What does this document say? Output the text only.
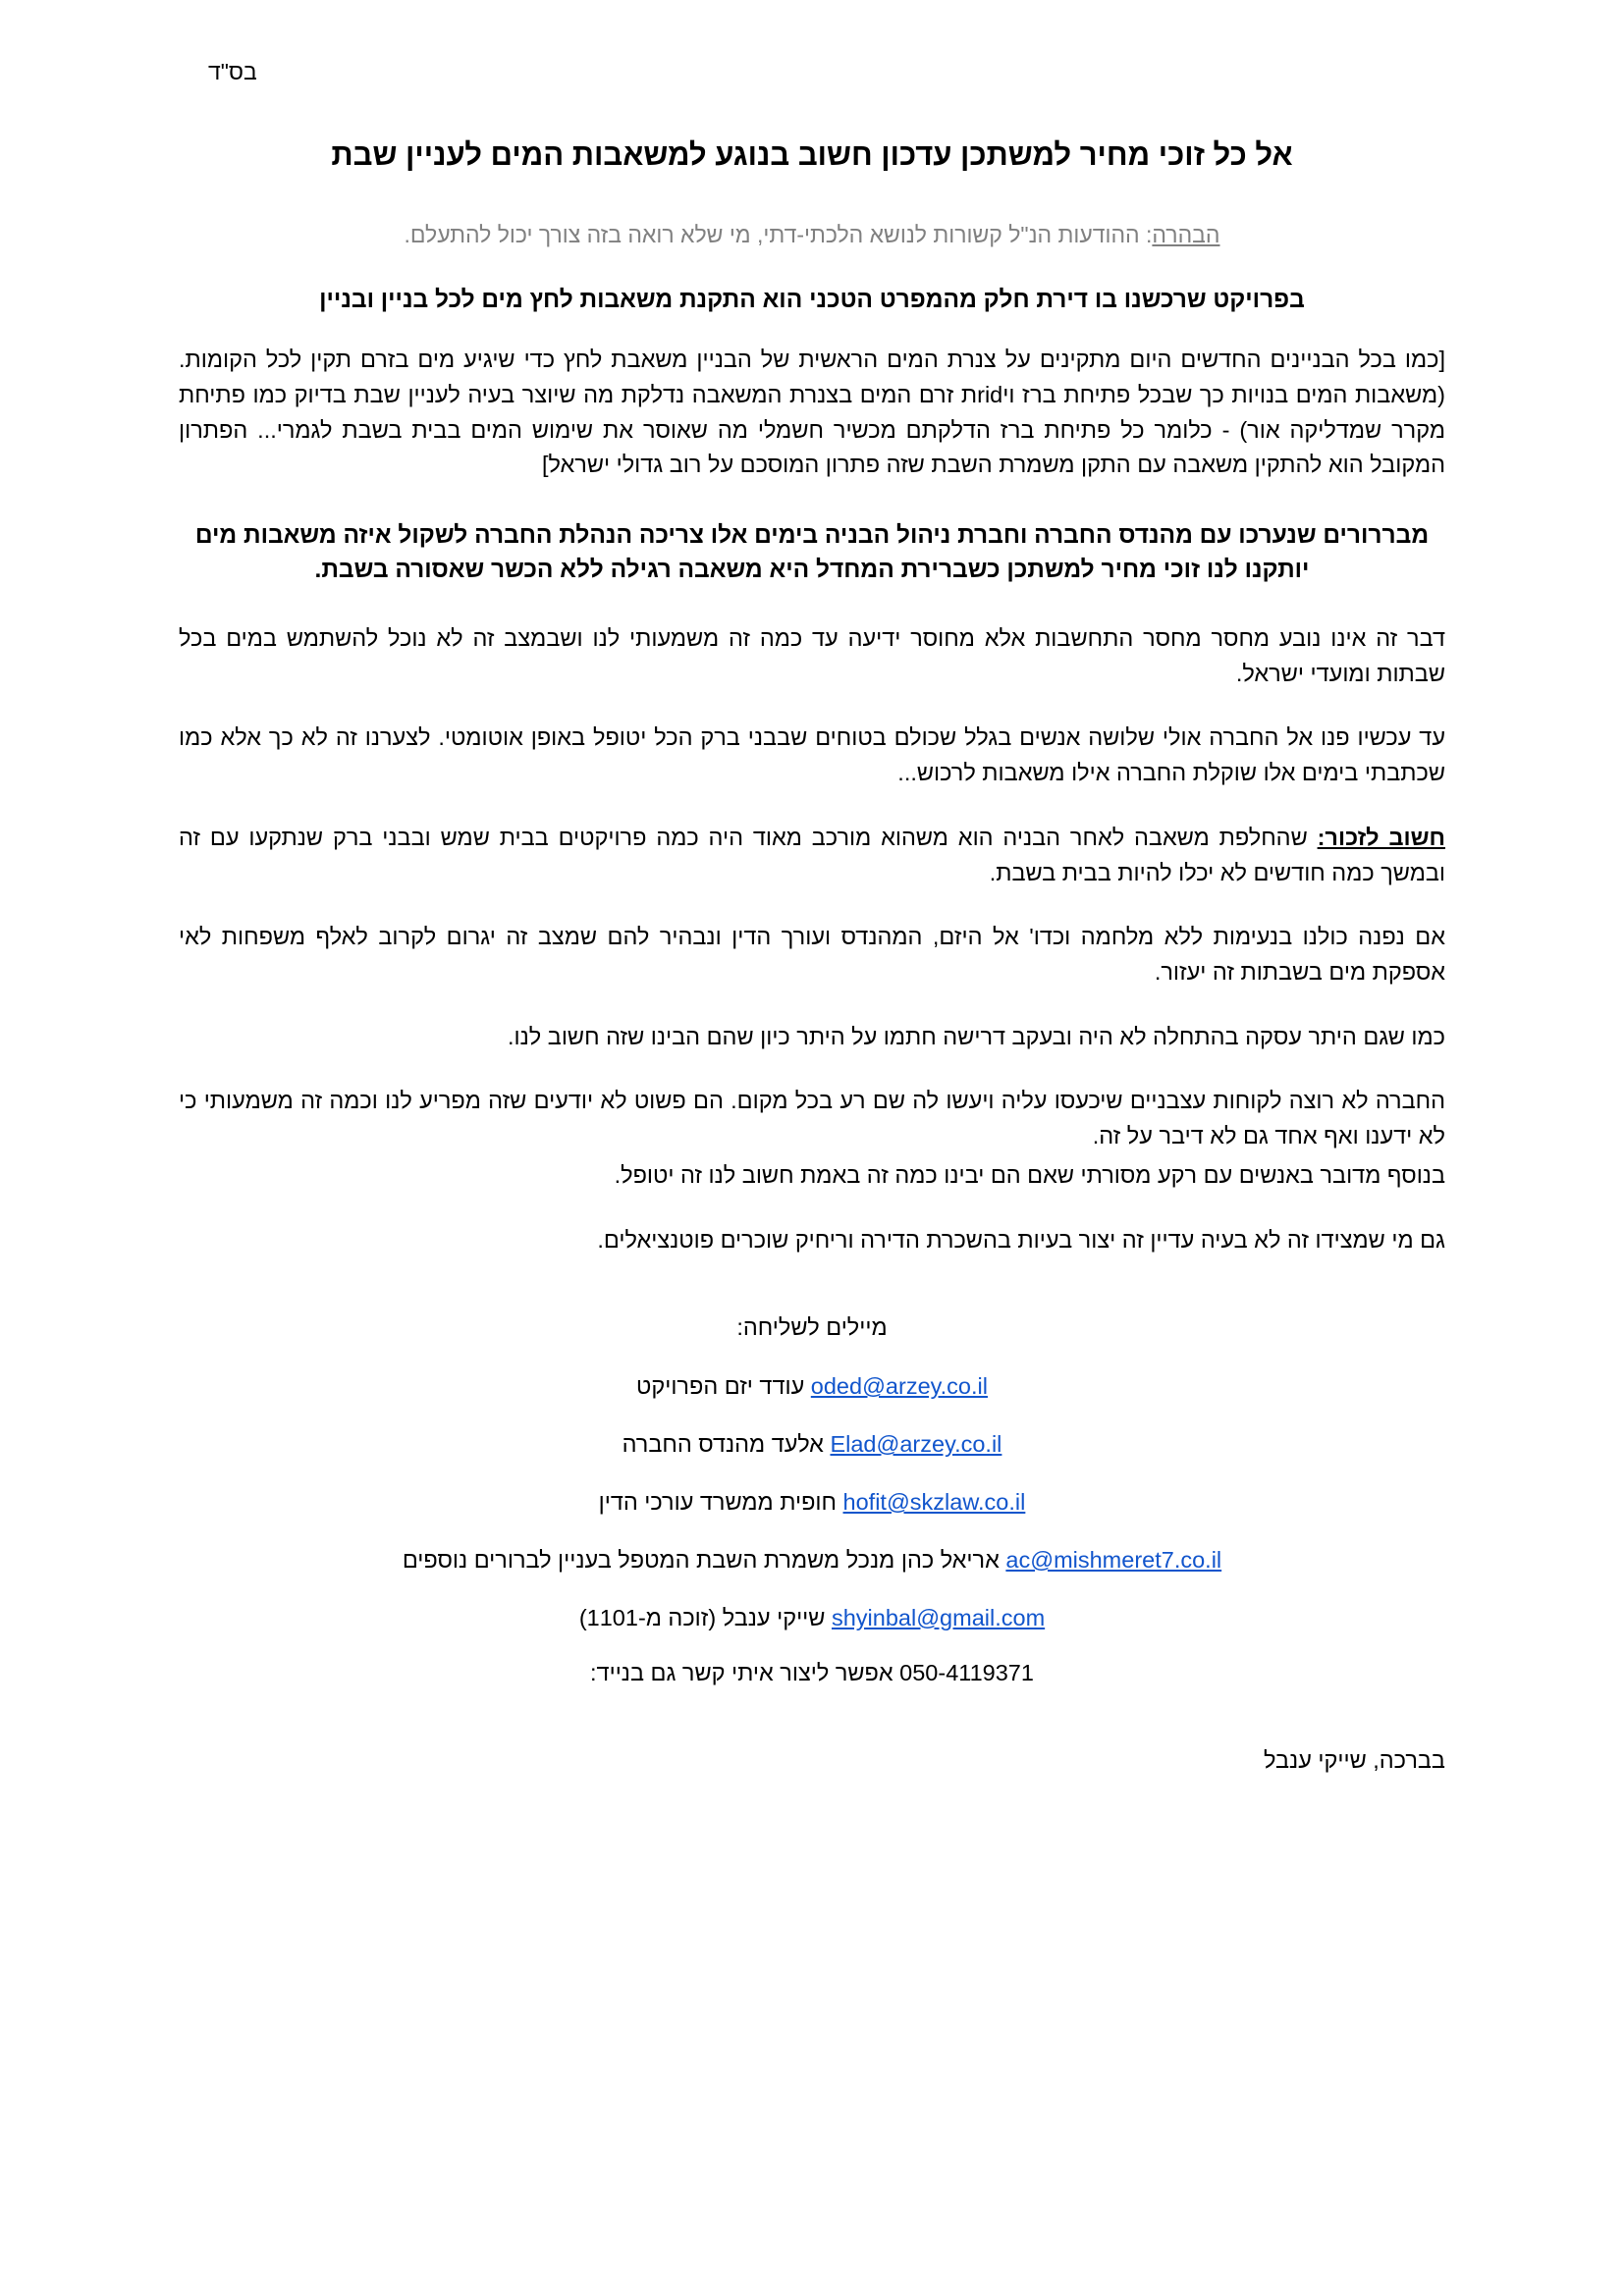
בס"ד
אל כל זוכי מחיר למשתכן עדכון חשוב בנוגע למשאבות המים לעניין שבת
הבהרה: ההודעות הנ"ל קשורות לנושא הלכתי-דתי, מי שלא רואה בזה צורך יכול להתעלם.
בפרויקט שרכשנו בו דירת חלק מהמפרט הטכני הוא התקנת משאבות לחץ מים לכל בניין ובניין
[כמו בכל הבניינים החדשים היום מתקינים על צנרת המים הראשית של הבניין משאבת לחץ כדי שיגיע מים בזרם תקין לכל הקומות. (משאבות המים בנויות כך שבכל פתיחת ברז ויridת זרם המים בצנרת המשאבה נדלקת מה שיוצר בעיה לעניין שבת בדיוק כמו פתיחת מקרר שמדליקה אור) - כלומר כל פתיחת ברז הדלקתם מכשיר חשמלי מה שאוסר את שימוש המים בבית בשבת לגמרי... הפתרון המקובל הוא להתקין משאבה עם התקן משמרת השבת שזה פתרון המוסכם על רוב גדולי ישראל]
מבררורים שנערכו עם מהנדס החברה וחברת ניהול הבניה בימים אלו צריכה הנהלת החברה לשקול איזה משאבות מים יותקנו לנו זוכי מחיר למשתכן כשברירת המחדל היא משאבה רגילה ללא הכשר שאסורה בשבת.

דבר זה אינו נובע מחסר מחסר התחשבות אלא מחוסר ידיעה עד כמה זה משמעותי לנו ושבמצב זה לא נוכל להשתמש במים בכל שבתות ומועדי ישראל.

עד עכשיו פנו אל החברה אולי שלושה אנשים בגלל שכולם בטוחים שבבני ברק הכל יטופל באופן אוטומטי. לצערנו זה לא כך אלא כמו שכתבתי בימים אלו שוקלת החברה אילו משאבות לרכוש...

חשוב לזכור: שהחלפת משאבה לאחר הבניה הוא משהוא מורכב מאוד היה כמה פרויקטים בבית שמש ובבני ברק שנתקעו עם זה ובמשך כמה חודשים לא יכלו להיות בבית בשבת.

אם נפנה כולנו בנעימות ללא מלחמה וכדו' אל היזם, המהנדס ועורך הדין ונבהיר להם שמצב זה יגרום לקרוב לאלף משפחות לאי אספקת מים בשבתות זה יעזור.

כמו שגם היתר עסקה בהתחלה לא היה ובעקב דרישה חתמו על היתר כיון שהם הבינו שזה חשוב לנו.

החברה לא רוצה לקוחות עצבניים שיכעסו עליה ויעשו לה שם רע בכל מקום. הם פשוט לא יודעים שזה מפריע לנו וכמה זה משמעותי כי לא ידענו ואף אחד גם לא דיבר על זה.

בנוסף מדובר באנשים עם רקע מסורתי שאם הם יבינו כמה זה באמת חשוב לנו זה יטופל.

גם מי שמצידו זה לא בעיה עדיין זה יצור בעיות בהשכרת הדירה וריחיק שוכרים פוטנציאלים.

מיילים לשליחה:
oded@arzey.co.il עודד יזם הפרויקט
Elad@arzey.co.il אלעד מהנדס החברה
hofit@skzlaw.co.il חופית ממשרד עורכי הדין
ac@mishmeret7.co.il אריאל כהן מנכל משמרת השבת המטפל בעניין לברורים נוספים
shyinbal@gmail.com שייקי ענבל (זוכה מ-1101)
050-4119371 אפשר ליצור איתי קשר גם בנייד:
בברכה, שייקי ענבל
